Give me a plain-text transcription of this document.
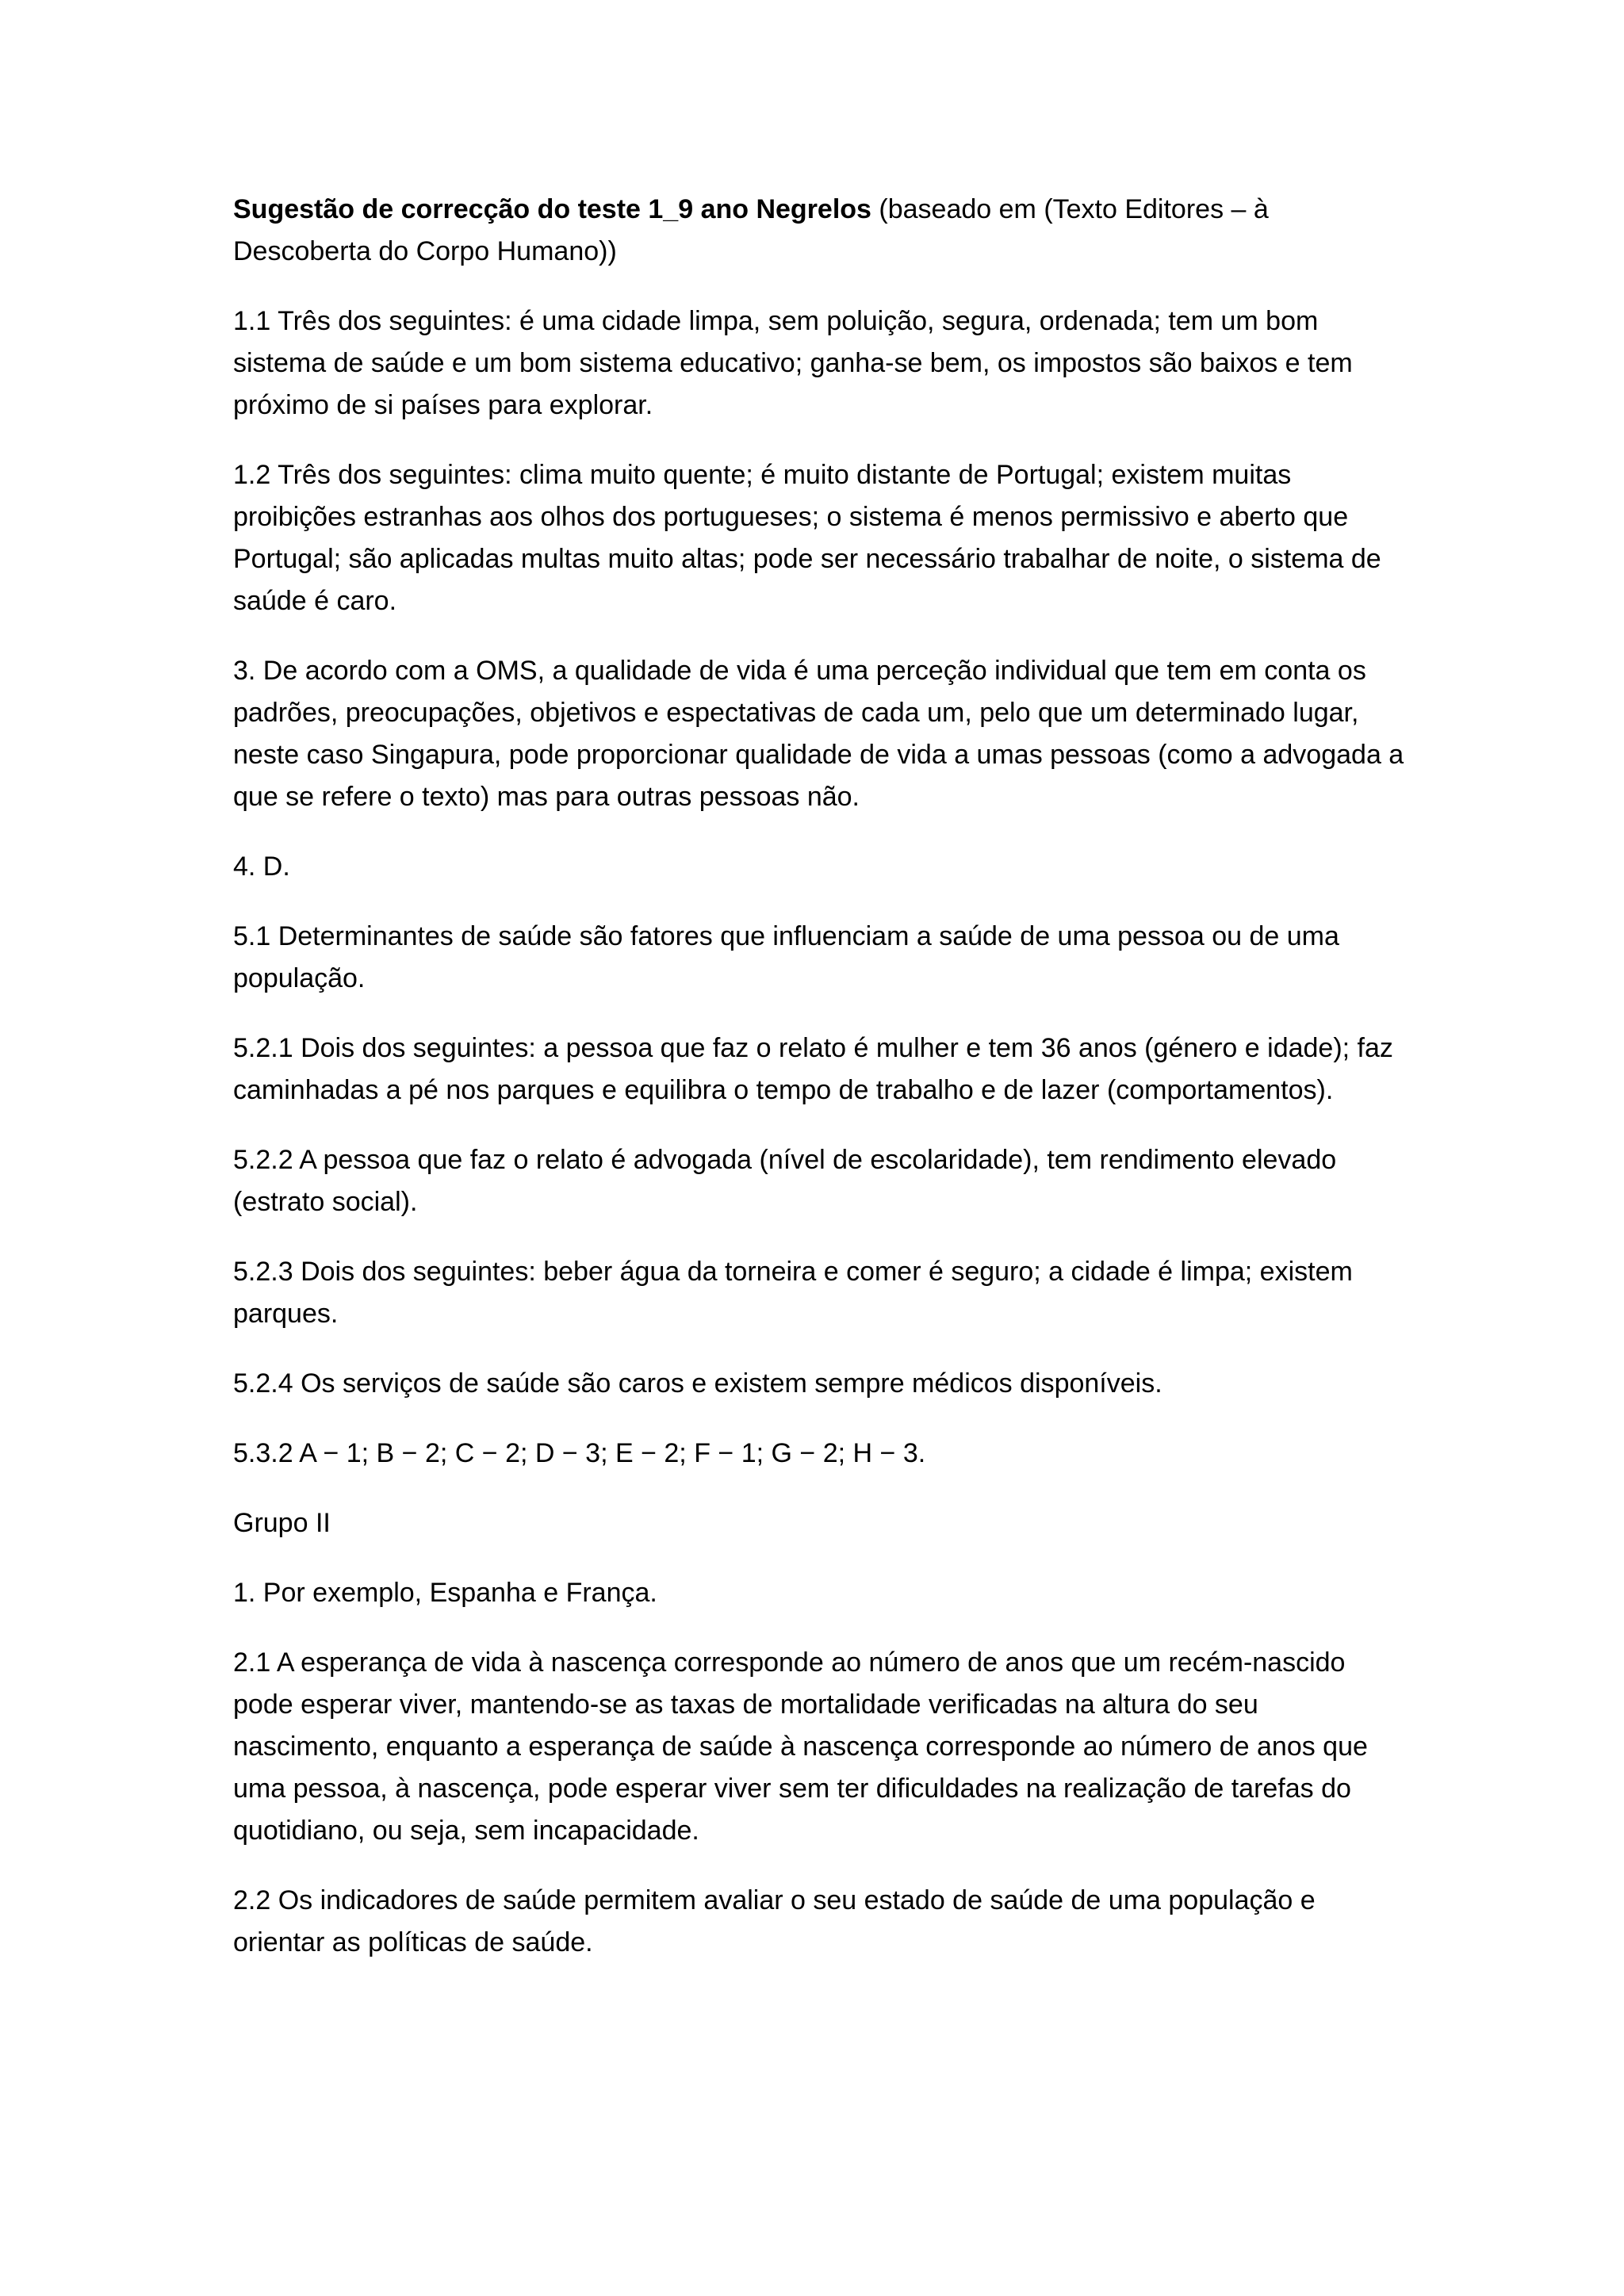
Sugestão de correcção do teste 1_9 ano Negrelos (baseado em (Texto Editores – à Descoberta do Corpo Humano))

1.1 Três dos seguintes: é uma cidade limpa, sem poluição, segura, ordenada; tem um bom sistema de saúde e um bom sistema educativo; ganha-se bem, os impostos são baixos e tem próximo de si países para explorar.

1.2 Três dos seguintes: clima muito quente; é muito distante de Portugal; existem muitas proibições estranhas aos olhos dos portugueses; o sistema é menos permissivo e aberto que Portugal; são aplicadas multas muito altas; pode ser necessário trabalhar de noite, o sistema de saúde é caro.

3. De acordo com a OMS, a qualidade de vida é uma perceção individual que tem em conta os padrões, preocupações, objetivos e espectativas de cada um, pelo que um determinado lugar, neste caso Singapura, pode proporcionar qualidade de vida a umas pessoas (como a advogada a que se refere o texto) mas para outras pessoas não.

4. D.

5.1 Determinantes de saúde são fatores que influenciam a saúde de uma pessoa ou de uma população.

5.2.1 Dois dos seguintes: a pessoa que faz o relato é mulher e tem 36 anos (género e idade); faz caminhadas a pé nos parques e equilibra o tempo de trabalho e de lazer (comportamentos).

5.2.2 A pessoa que faz o relato é advogada (nível de escolaridade), tem rendimento elevado (estrato social).

5.2.3 Dois dos seguintes: beber água da torneira e comer é seguro; a cidade é limpa; existem parques.

5.2.4 Os serviços de saúde são caros e existem sempre médicos disponíveis.

5.3.2 A − 1; B − 2; C − 2; D − 3; E − 2; F − 1; G − 2; H − 3.

Grupo II

1. Por exemplo, Espanha e França.

2.1 A esperança de vida à nascença corresponde ao número de anos que um recém-nascido pode esperar viver, mantendo-se as taxas de mortalidade verificadas na altura do seu nascimento, enquanto a esperança de saúde à nascença corresponde ao número de anos que uma pessoa, à nascença, pode esperar viver sem ter dificuldades na realização de tarefas do quotidiano, ou seja, sem incapacidade.

2.2 Os indicadores de saúde permitem avaliar o seu estado de saúde de uma população e orientar as políticas de saúde.
